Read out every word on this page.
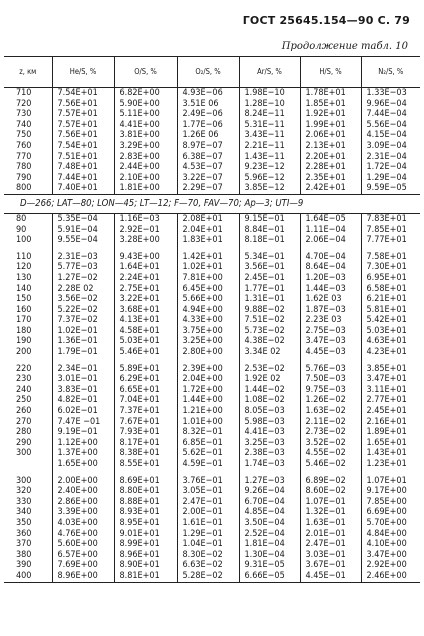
ГОСТ 25645.154—90 С. 79
Продолжение табл. 10
z, км	He/S, %	O/S, %	O₂/S, %	Ar/S, %	H/S, %	N₂/S, %
710	7.54E+01	6.82E+00	4.93E−06	1.98E−10	1.78E+01	1.33E−03
720	7.56E+01	5.90E+00	3.51E 06	1.28E−10	1.85E+01	9.96E−04
730	7.57E+01	5.11E+00	2.49E−06	8.24E−11	1.92E+01	7.44E−04
740	7.57E+01	4.41E+00	1.77E−06	5.31E−11	1.99E+01	5.56E−04
750	7.56E+01	3.81E+00	1.26E 06	3.43E−11	2.06E+01	4.15E−04
760	7.54E+01	3.29E+00	8.97E−07	2.21E−11	2.13E+01	3.09E−04
770	7.51E+01	2.83E+00	6.38E−07	1.43E−11	2.20E+01	2.31E−04
780	7.48E+01	2.44E+00	4.53E−07	9.23E−12	2.28E+01	1.72E−04
790	7.44E+01	2.10E+00	3.22E−07	5.96E−12	2.35E+01	1.29E−04
800	7.40E+01	1.81E+00	2.29E−07	3.85E−12	2.42E+01	9.59E−05
D—266; LAT—80; LON—45; LT—12; F—70, FAV—70; Ap—3; UTI—9						
80	5.35E−04	1.16E−03	2.08E+01	9.15E−01	1.64E−05	7.83E+01
90	5.91E−04	2.92E−01	2.04E+01	8.84E−01	1.11E−04	7.85E+01
100	9.55E−04	3.28E+00	1.83E+01	8.18E−01	2.06E−04	7.77E+01

110	2.31E−03	9.43E+00	1.42E+01	5.34E−01	4.70E−04	7.58E+01
120	5.77E−03	1.64E+01	1.02E+01	3.56E−01	8.64E−04	7.30E+01
130	1.27E−02	2.24E+01	7.81E+00	2.45E−01	1.20E−03	6.95E+01
140	2.28E 02	2.75E+01	6.45E+00	1.77E−01	1.44E−03	6.58E+01
150	3.56E−02	3.22E+01	5.66E+00	1.31E−01	1.62E 03	6.21E+01
160	5.22E−02	3.68E+01	4.94E+00	9.88E−02	1.87E−03	5.81E+01
170	7.37E−02	4.13E+01	4.33E+00	7.51E−02	2.23E 03	5.42E+01
180	1.02E−01	4.58E+01	3.75E+00	5.73E−02	2.75E−03	5.03E+01
190	1.36E−01	5.03E+01	3.25E+00	4.38E−02	3.47E−03	4.63E+01
200	1.79E−01	5.46E+01	2.80E+00	3.34E 02	4.45E−03	4.23E+01

220	2.34E−01	5.89E+01	2.39E+00	2.53E−02	5.76E−03	3.85E+01
230	3.01E−01	6.29E+01	2.04E+00	1.92E 02	7.50E−03	3.47E+01
240	3.83E−01	6.65E+01	1.72E+00	1.44E−02	9.75E−03	3.11E+01
250	4.82E−01	7.04E+01	1.44E+00	1.08E−02	1.26E−02	2.77E+01
260	6.02E−01	7.37E+01	1.21E+00	8.05E−03	1.63E−02	2.45E+01
270	7.47E −01	7.67E+01	1.01E+00	5.98E−03	2.11E−02	2.16E+01
280	9.19E−01	7.93E+01	8.32E−01	4.41E−03	2.73E−02	1.89E+01
290	1.12E+00	8.17E+01	6.85E−01	3.25E−03	3.52E−02	1.65E+01
300	1.37E+00	8.38E+01	5.62E−01	2.38E−03	4.55E−02	1.43E+01
	1.65E+00	8.55E+01	4.59E−01	1.74E−03	5.46E−02	1.23E+01

300	2.00E+00	8.69E+01	3.76E−01	1.27E−03	6.89E−02	1.07E+01
320	2.40E+00	8.80E+01	3.05E−01	9.26E−04	8.60E−02	9.17E+00
330	2.86E+00	8.88E+01	2.47E−01	6.70E−04	1.07E−01	7.85E+00
340	3.39E+00	8.93E+01	2.00E−01	4.85E−04	1.32E−01	6.69E+00
350	4.03E+00	8.95E+01	1.61E−01	3.50E−04	1.63E−01	5.70E+00
360	4.76E+00	9.01E+01	1.29E−01	2.52E−04	2.01E−01	4.84E+00
370	5.60E+00	8.99E+01	1.04E−01	1.81E−04	2.47E−01	4.10E+00
380	6.57E+00	8.96E+01	8.30E−02	1.30E−04	3.03E−01	3.47E+00
390	7.69E+00	8.90E+01	6.63E−02	9.31E−05	3.67E−01	2.92E+00
400	8.96E+00	8.81E+01	5.28E−02	6.66E−05	4.45E−01	2.46E+00
